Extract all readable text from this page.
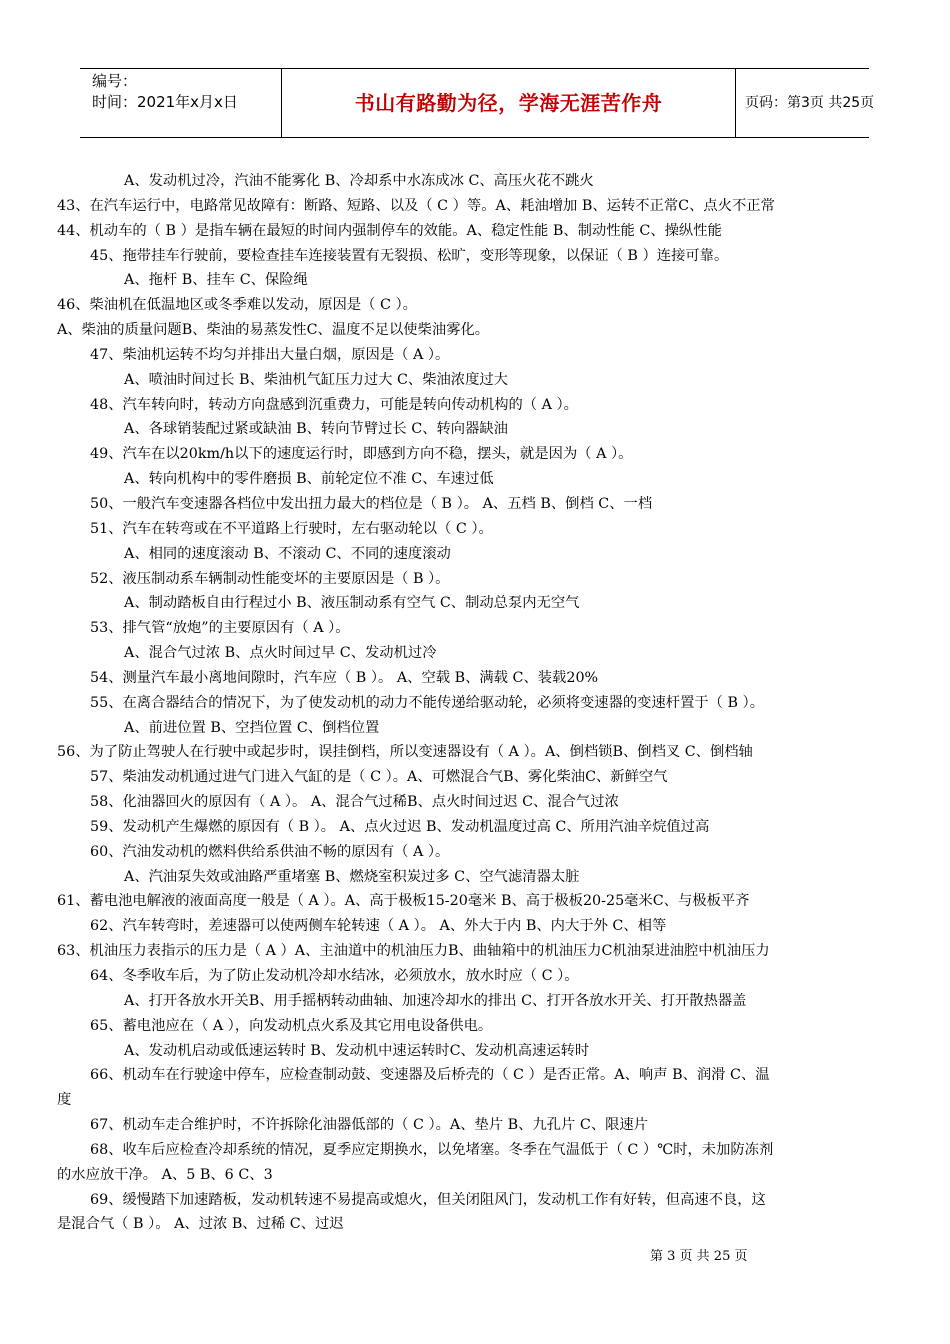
编号：
时间：2021年x月x日	书山有路勤为径，学海无涯苦作舟	页码：第3页 共25页
A、发动机过冷，汽油不能雾化 B、冷却系中水冻成冰 C、高压火花不跳火
43、在汽车运行中，电路常见故障有：断路、短路、以及（ C ）等。A、耗油增加 B、运转不正常C、点火不正常
44、机动车的（ B ）是指车辆在最短的时间内强制停车的效能。A、稳定性能 B、制动性能 C、操纵性能
45、拖带挂车行驶前，要检查挂车连接装置有无裂损、松旷，变形等现象，以保证（ B ）连接可靠。
A、拖杆 B、挂车 C、保险绳
46、柴油机在低温地区或冬季难以发动，原因是（ C ）。
A、柴油的质量问题B、柴油的易蒸发性C、温度不足以使柴油雾化。
47、柴油机运转不均匀并排出大量白烟，原因是（ A ）。
A、喷油时间过长 B、柴油机气缸压力过大 C、柴油浓度过大
48、汽车转向时，转动方向盘感到沉重费力，可能是转向传动机构的（ A ）。
A、各球销装配过紧或缺油 B、转向节臂过长 C、转向器缺油
49、汽车在以20km/h以下的速度运行时，即感到方向不稳，摆头，就是因为（ A ）。
A、转向机构中的零件磨损 B、前轮定位不准 C、车速过低
50、一般汽车变速器各档位中发出扭力最大的档位是（ B ）。 A、五档 B、倒档 C、一档
51、汽车在转弯或在不平道路上行驶时，左右驱动轮以（ C ）。
A、相同的速度滚动 B、不滚动 C、不同的速度滚动
52、液压制动系车辆制动性能变坏的主要原因是（ B ）。
A、制动踏板自由行程过小 B、液压制动系有空气 C、制动总泵内无空气
53、排气管“放炮”的主要原因有（ A ）。
A、混合气过浓 B、点火时间过早 C、发动机过冷
54、测量汽车最小离地间隙时，汽车应（ B ）。 A、空载 B、满载 C、装载20%
55、在离合器结合的情况下，为了使发动机的动力不能传递给驱动轮，必须将变速器的变速杆置于（ B ）。
A、前进位置 B、空挡位置 C、倒档位置
56、为了防止驾驶人在行驶中或起步时，误挂倒档，所以变速器设有（ A ）。A、倒档锁B、倒档叉 C、倒档轴
57、柴油发动机通过进气门进入气缸的是（ C ）。A、可燃混合气B、雾化柴油C、新鲜空气
58、化油器回火的原因有（ A ）。 A、混合气过稀B、点火时间过迟 C、混合气过浓
59、发动机产生爆燃的原因有（ B ）。 A、点火过迟 B、发动机温度过高 C、所用汽油辛烷值过高
60、汽油发动机的燃料供给系供油不畅的原因有（ A ）。
A、汽油泵失效或油路严重堵塞 B、燃烧室积炭过多 C、空气滤清器太脏
61、蓄电池电解液的液面高度一般是（ A ）。A、高于极板15-20毫米 B、高于极板20-25毫米C、与极板平齐
62、汽车转弯时，差速器可以使两侧车轮转速（ A ）。 A、外大于内 B、内大于外 C、相等
63、机油压力表指示的压力是（ A ）A、主油道中的机油压力B、曲轴箱中的机油压力C机油泵进油腔中机油压力
64、冬季收车后，为了防止发动机冷却水结冰，必须放水，放水时应（ C ）。
A、打开各放水开关B、用手摇柄转动曲轴、加速冷却水的排出 C、打开各放水开关、打开散热器盖
65、蓄电池应在（ A ），向发动机点火系及其它用电设备供电。
A、发动机启动或低速运转时 B、发动机中速运转时C、发动机高速运转时
66、机动车在行驶途中停车，应检查制动鼓、变速器及后桥壳的（ C ）是否正常。A、响声 B、润滑 C、温
度
67、机动车走合维护时，不许拆除化油器低部的（ C ）。A、垫片 B、九孔片 C、限速片
68、收车后应检查冷却系统的情况，夏季应定期换水，以免堵塞。冬季在气温低于（ C ）℃时，未加防冻剂
的水应放干净。 A、5 B、6 C、3
69、缓慢踏下加速踏板，发动机转速不易提高或熄火，但关闭阻风门，发动机工作有好转，但高速不良，这
是混合气（ B ）。 A、过浓 B、过稀 C、过迟
第 3 页 共 25 页
